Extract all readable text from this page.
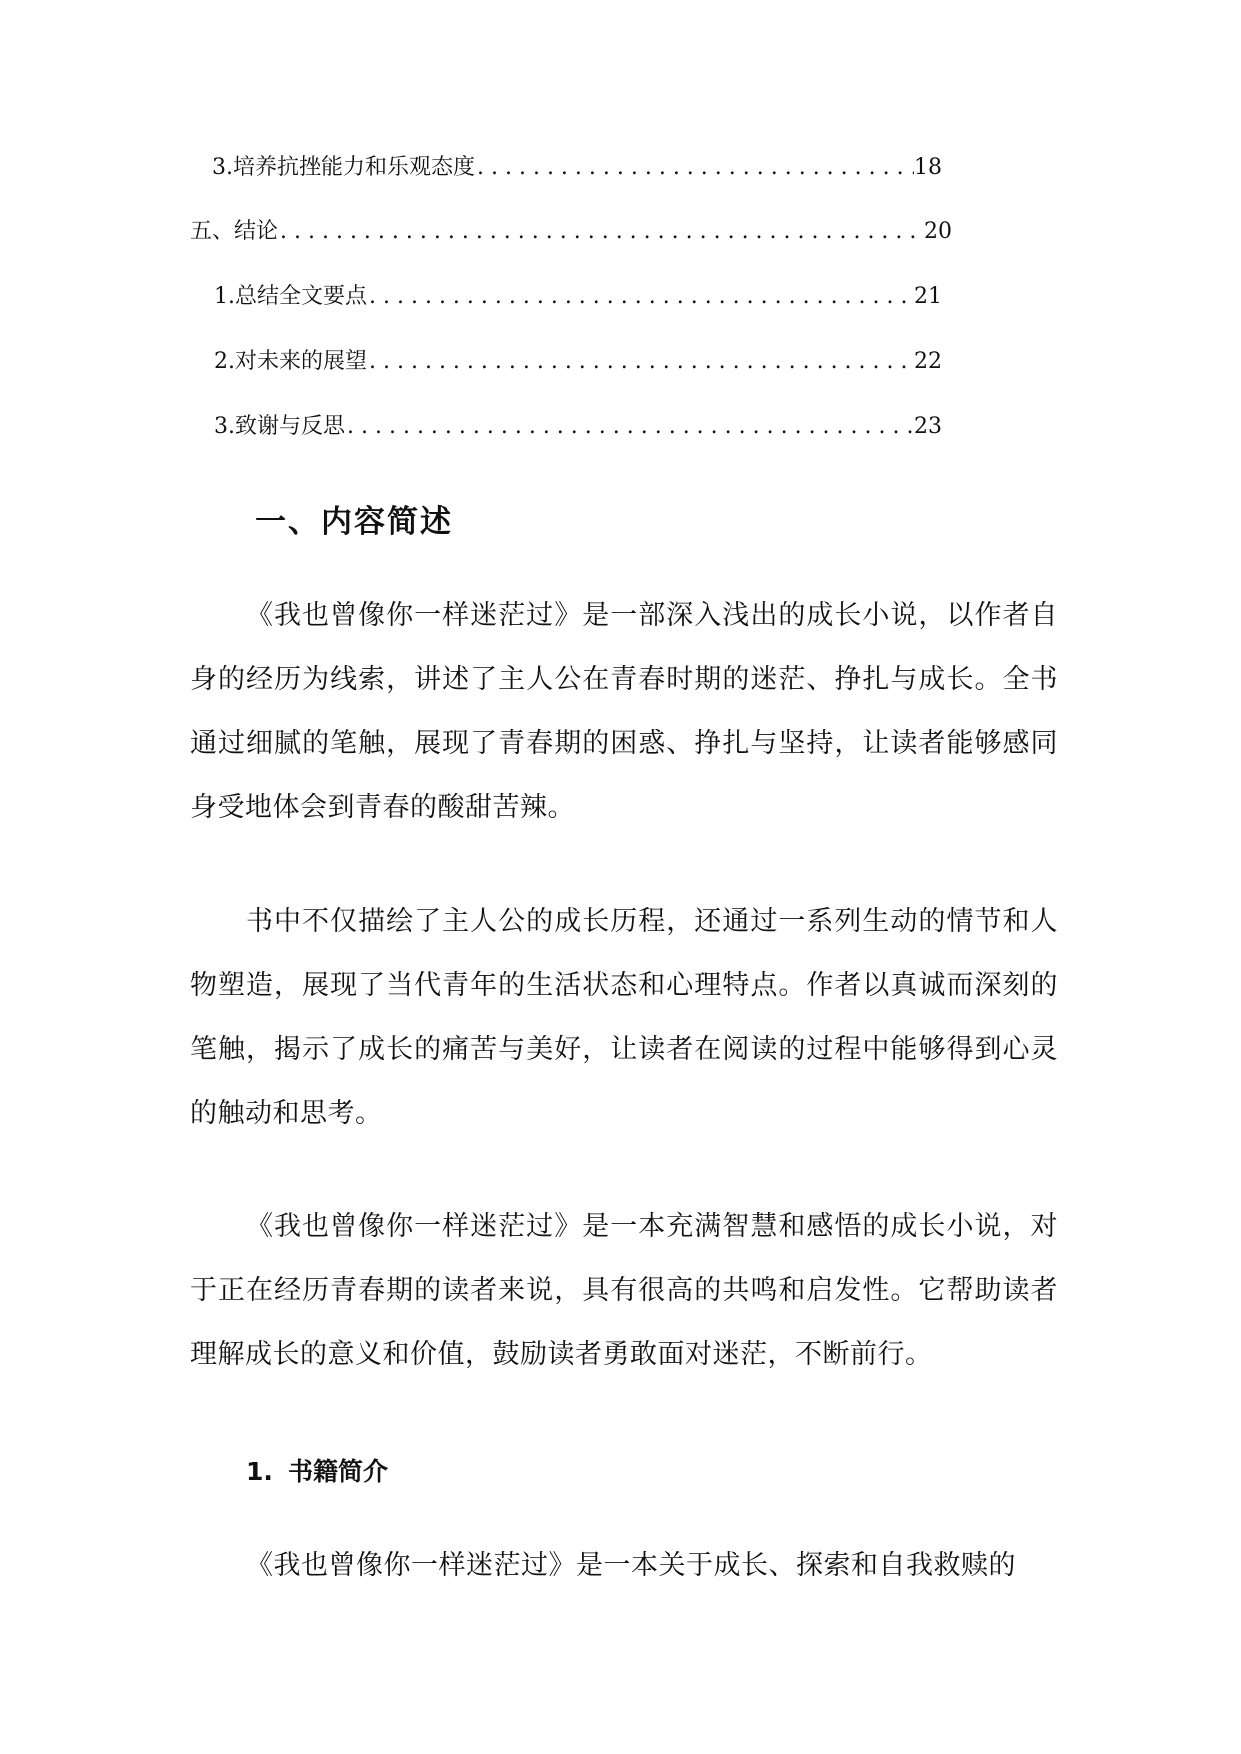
3. 培养抗挫能力和乐观态度 . . .	18
五、结论 . . .	20
1. 总结全文要点 . . .	21
2. 对未来的展望 . . .	22
3. 致谢与反思 . . .	23
一、内容简述

《我也曾像你一样迷茫过》是一部深入浅出的成长小说，以作者自身的经历为线索，讲述了主人公在青春时期的迷茫、挣扎与成长。全书通过细腻的笔触，展现了青春期的困惑、挣扎与坚持，让读者能够感同身受地体会到青春的酸甜苦辣。

书中不仅描绘了主人公的成长历程，还通过一系列生动的情节和人物塑造，展现了当代青年的生活状态和心理特点。作者以真诚而深刻的笔触，揭示了成长的痛苦与美好，让读者在阅读的过程中能够得到心灵的触动和思考。

《我也曾像你一样迷茫过》是一本充满智慧和感悟的成长小说，对于正在经历青春期的读者来说，具有很高的共鸣和启发性。它帮助读者理解成长的意义和价值，鼓励读者勇敢面对迷茫，不断前行。

1. 书籍简介

《我也曾像你一样迷茫过》是一本关于成长、探索和自我救赎的
